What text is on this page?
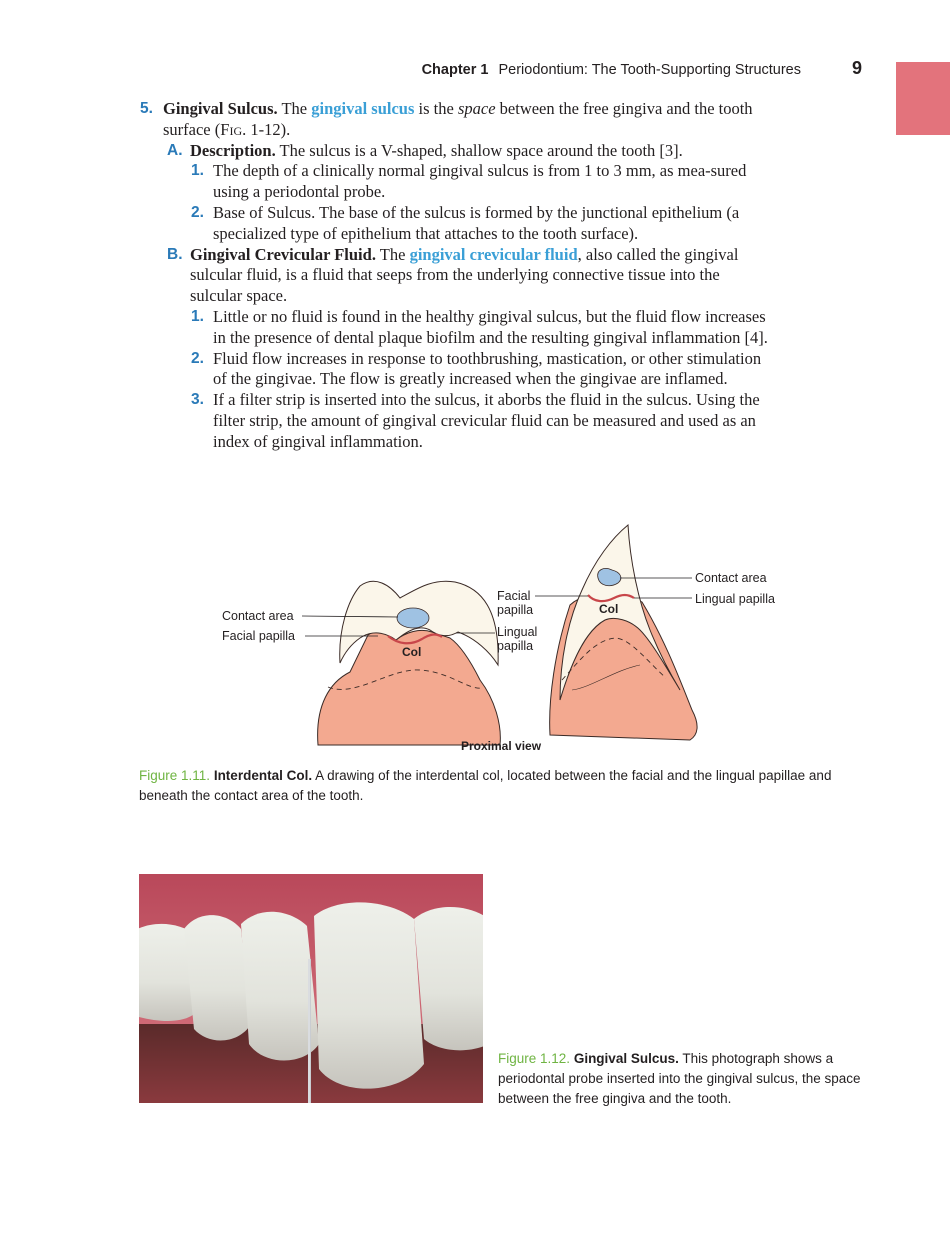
Chapter 1 Periodontium: The Tooth-Supporting Structures	9
5. Gingival Sulcus. The gingival sulcus is the space between the free gingiva and the tooth surface (Fig. 1-12).
A. Description. The sulcus is a V-shaped, shallow space around the tooth [3].
1. The depth of a clinically normal gingival sulcus is from 1 to 3 mm, as mea-sured using a periodontal probe.
2. Base of Sulcus. The base of the sulcus is formed by the junctional epithelium (a specialized type of epithelium that attaches to the tooth surface).
B. Gingival Crevicular Fluid. The gingival crevicular fluid, also called the gingival sulcular fluid, is a fluid that seeps from the underlying connective tissue into the sulcular space.
1. Little or no fluid is found in the healthy gingival sulcus, but the fluid flow increases in the presence of dental plaque biofilm and the resulting gingival inflammation [4].
2. Fluid flow increases in response to toothbrushing, mastication, or other stimulation of the gingivae. The flow is greatly increased when the gingivae are inflamed.
3. If a filter strip is inserted into the sulcus, it aborbs the fluid in the sulcus. Using the filter strip, the amount of gingival crevicular fluid can be measured and used as an index of gingival inflammation.
Contact area
Facial papilla
Col
Facial
papilla
Lingual
papilla
Col
Contact area
Lingual papilla
Proximal view
Figure 1.11. Interdental Col. A drawing of the interdental col, located between the facial and the lingual papillae and beneath the contact area of the tooth.
Figure 1.12. Gingival Sulcus. This photograph shows a periodontal probe inserted into the gingival sulcus, the space between the free gingiva and the tooth.
